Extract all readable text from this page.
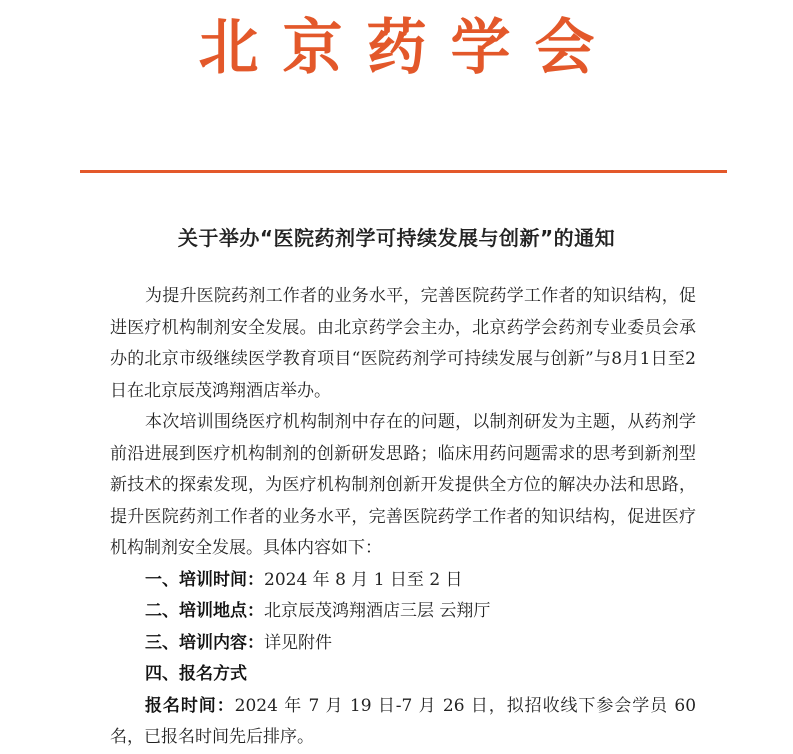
北京药学会
关于举办“医院药剂学可持续发展与创新”的通知

为提升医院药剂工作者的业务水平，完善医院药学工作者的知识结构，促进医疗机构制剂安全发展。由北京药学会主办，北京药学会药剂专业委员会承办的北京市级继续医学教育项目“医院药剂学可持续发展与创新”与8月1日至2日在北京辰茂鸿翔酒店举办。

本次培训围绕医疗机构制剂中存在的问题，以制剂研发为主题，从药剂学前沿进展到医疗机构制剂的创新研发思路；临床用药问题需求的思考到新剂型新技术的探索发现，为医疗机构制剂创新开发提供全方位的解决办法和思路，提升医院药剂工作者的业务水平，完善医院药学工作者的知识结构，促进医疗机构制剂安全发展。具体内容如下：

一、培训时间：2024 年 8 月 1 日至 2 日

二、培训地点：北京辰茂鸿翔酒店三层 云翔厅

三、培训内容：详见附件

四、报名方式

报名时间：2024 年 7 月 19 日-7 月 26 日，拟招收线下参会学员 60 名，已报名时间先后排序。
